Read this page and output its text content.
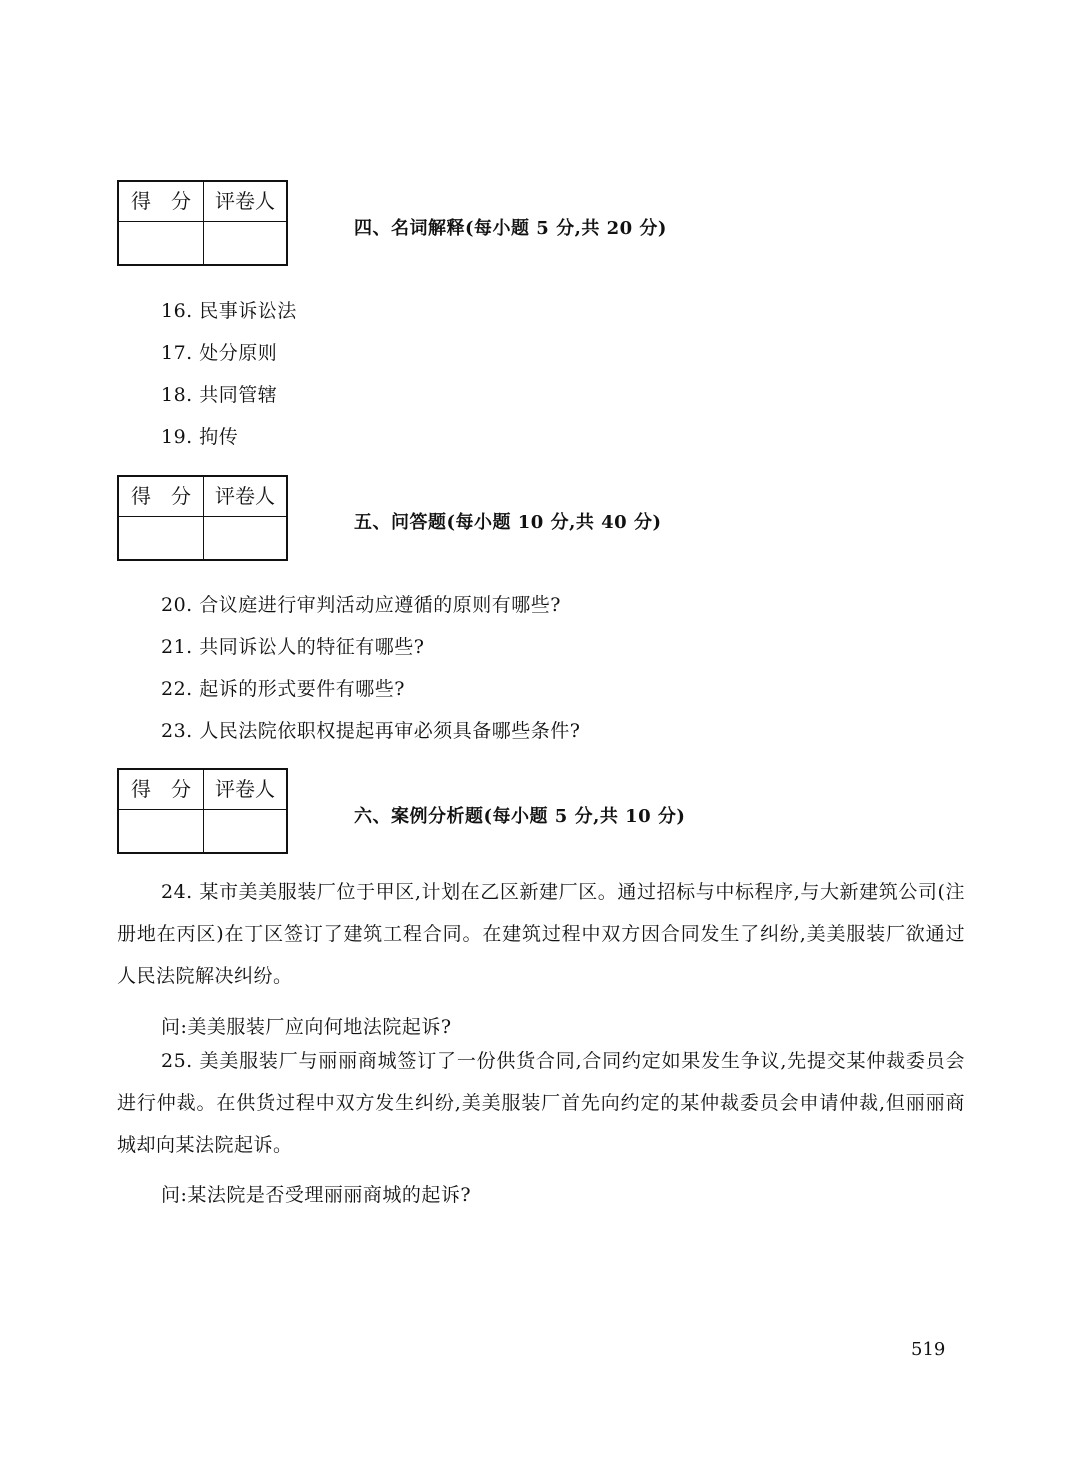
得 分	评卷人

四、名词解释(每小题 5 分,共 20 分)
16. 民事诉讼法
17. 处分原则
18. 共同管辖
19. 拘传
得 分	评卷人

五、问答题(每小题 10 分,共 40 分)
20. 合议庭进行审判活动应遵循的原则有哪些?
21. 共同诉讼人的特征有哪些?
22. 起诉的形式要件有哪些?
23. 人民法院依职权提起再审必须具备哪些条件?
得 分	评卷人

六、案例分析题(每小题 5 分,共 10 分)
24. 某市美美服装厂位于甲区,计划在乙区新建厂区。通过招标与中标程序,与大新建筑公司(注册地在丙区)在丁区签订了建筑工程合同。在建筑过程中双方因合同发生了纠纷,美美服装厂欲通过人民法院解决纠纷。
问:美美服装厂应向何地法院起诉?
25. 美美服装厂与丽丽商城签订了一份供货合同,合同约定如果发生争议,先提交某仲裁委员会进行仲裁。在供货过程中双方发生纠纷,美美服装厂首先向约定的某仲裁委员会申请仲裁,但丽丽商城却向某法院起诉。
问:某法院是否受理丽丽商城的起诉?
519
